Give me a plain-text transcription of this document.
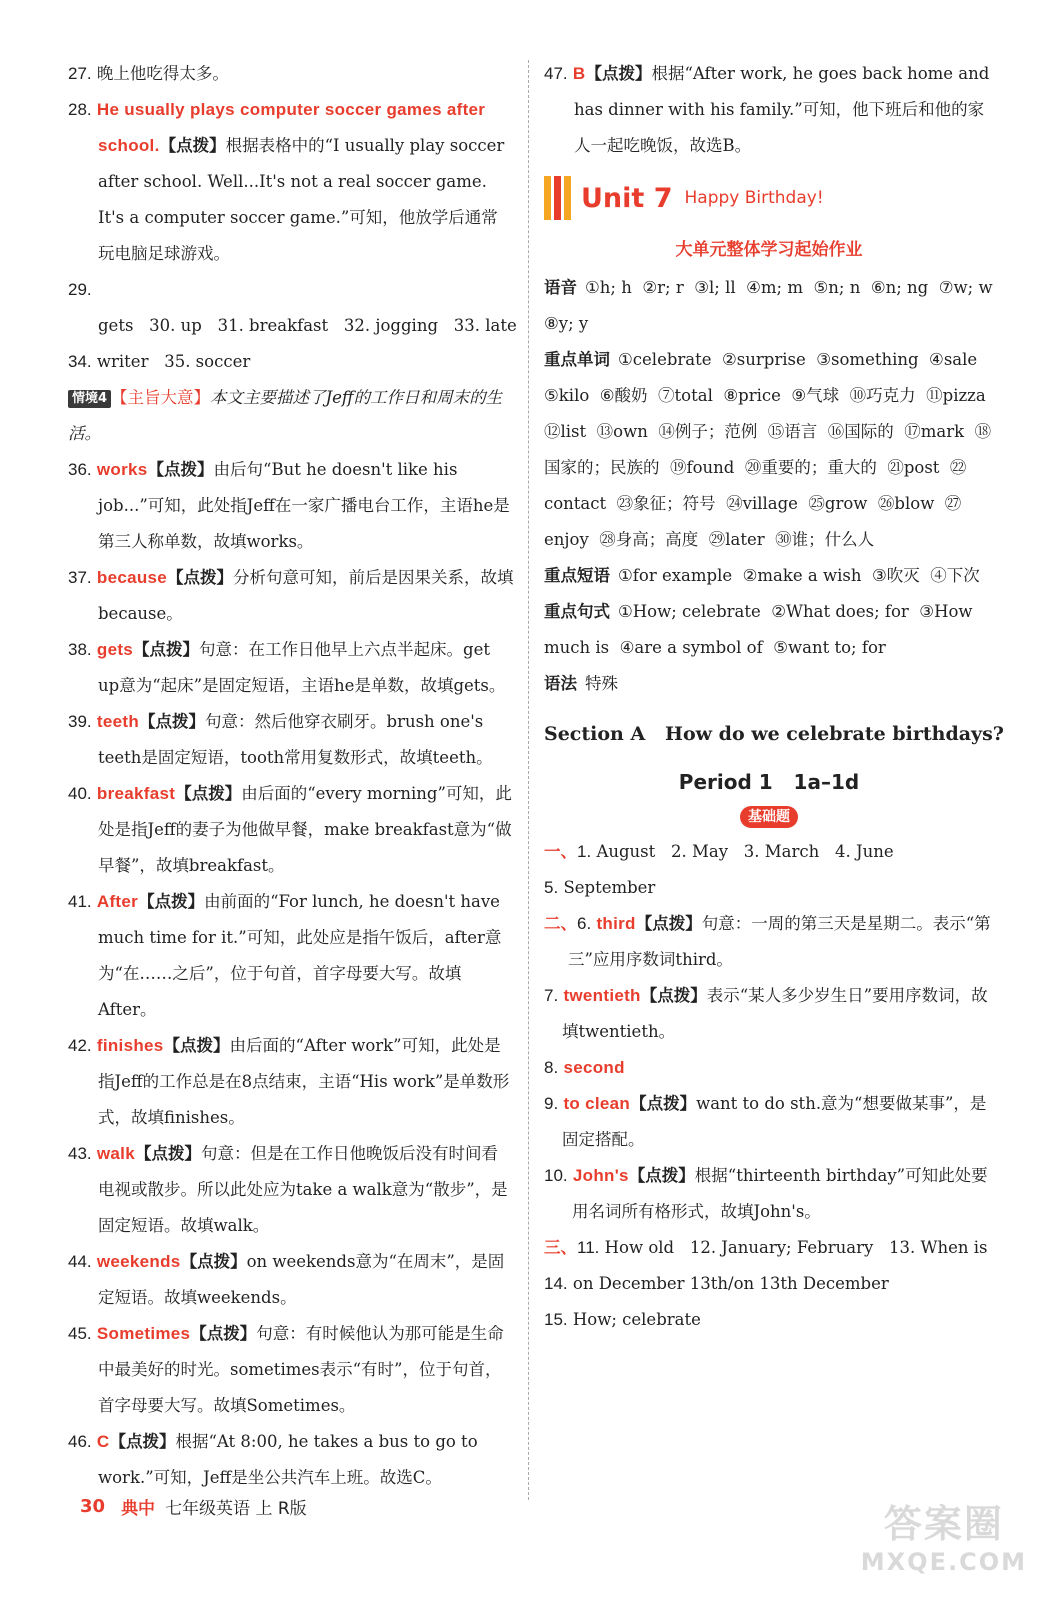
27. 晚上他吃得太多。

28. He usually plays computer soccer games after school.【点拨】根据表格中的“I usually play soccer after school. Well...It's not a real soccer game. It's a computer soccer game.”可知，他放学后通常玩电脑足球游戏。

29. gets   30. up   31. breakfast   32. jogging   33. late

34. writer   35. soccer

情境4 【主旨大意】本文主要描述了Jeff的工作日和周末的生活。

36. works【点拨】由后句“But he doesn't like his job...”可知，此处指Jeff在一家广播电台工作，主语he是第三人称单数，故填works。

37. because【点拨】分析句意可知，前后是因果关系，故填because。

38. gets【点拨】句意：在工作日他早上六点半起床。get up意为“起床”是固定短语，主语he是单数，故填gets。

39. teeth【点拨】句意：然后他穿衣刷牙。brush one's teeth是固定短语，tooth常用复数形式，故填teeth。

40. breakfast【点拨】由后面的“every morning”可知，此处是指Jeff的妻子为他做早餐，make breakfast意为“做早餐”，故填breakfast。

41. After【点拨】由前面的“For lunch, he doesn't have much time for it.”可知，此处应是指午饭后，after意为“在……之后”，位于句首，首字母要大写。故填After。

42. finishes【点拨】由后面的“After work”可知，此处是指Jeff的工作总是在8点结束，主语“His work”是单数形式，故填finishes。

43. walk【点拨】句意：但是在工作日他晚饭后没有时间看电视或散步。所以此处应为take a walk意为“散步”，是固定短语。故填walk。

44. weekends【点拨】on weekends意为“在周末”，是固定短语。故填weekends。

45. Sometimes【点拨】句意：有时候他认为那可能是生命中最美好的时光。sometimes表示“有时”，位于句首，首字母要大写。故填Sometimes。

46. C【点拨】根据“At 8:00, he takes a bus to go to work.”可知，Jeff是坐公共汽车上班。故选C。

47. B【点拨】根据“After work, he goes back home and has dinner with his family.”可知，他下班后和他的家人一起吃晚饭，故选B。

Unit 7 Happy Birthday!
大单元整体学习起始作业

语音 ①h; h  ②r; r  ③l; ll  ④m; m  ⑤n; n  ⑥n; ng  ⑦w; w  ⑧y; y

重点单词 ①celebrate  ②surprise  ③something  ④sale  ⑤kilo  ⑥酸奶  ⑦total  ⑧price  ⑨气球  ⑩巧克力  ⑪pizza  ⑫list  ⑬own  ⑭例子；范例  ⑮语言  ⑯国际的  ⑰mark  ⑱国家的；民族的  ⑲found  ⑳重要的；重大的  ㉑post  ㉒contact  ㉓象征；符号  ㉔village  ㉕grow  ㉖blow  ㉗enjoy  ㉘身高；高度  ㉙later  ㉚谁；什么人

重点短语 ①for example  ②make a wish  ③吹灭  ④下次

重点句式 ①How; celebrate  ②What does; for  ③How much is  ④are a symbol of  ⑤want to; for

语法 特殊

Section A   How do we celebrate birthdays?
Period 1   1a–1d
基础题

一、1. August   2. May   3. March   4. June

5. September

二、6. third【点拨】句意：一周的第三天是星期二。表示“第三”应用序数词third。

7. twentieth【点拨】表示“某人多少岁生日”要用序数词，故填twentieth。

8. second

9. to clean【点拨】want to do sth.意为“想要做某事”，是固定搭配。

10. John's【点拨】根据“thirteenth birthday”可知此处要用名词所有格形式，故填John's。

三、11. How old   12. January; February   13. When is

14. on December 13th/on 13th December

15. How; celebrate

30 典中 七年级英语 上 R版	答案圈
MXQE.COM
